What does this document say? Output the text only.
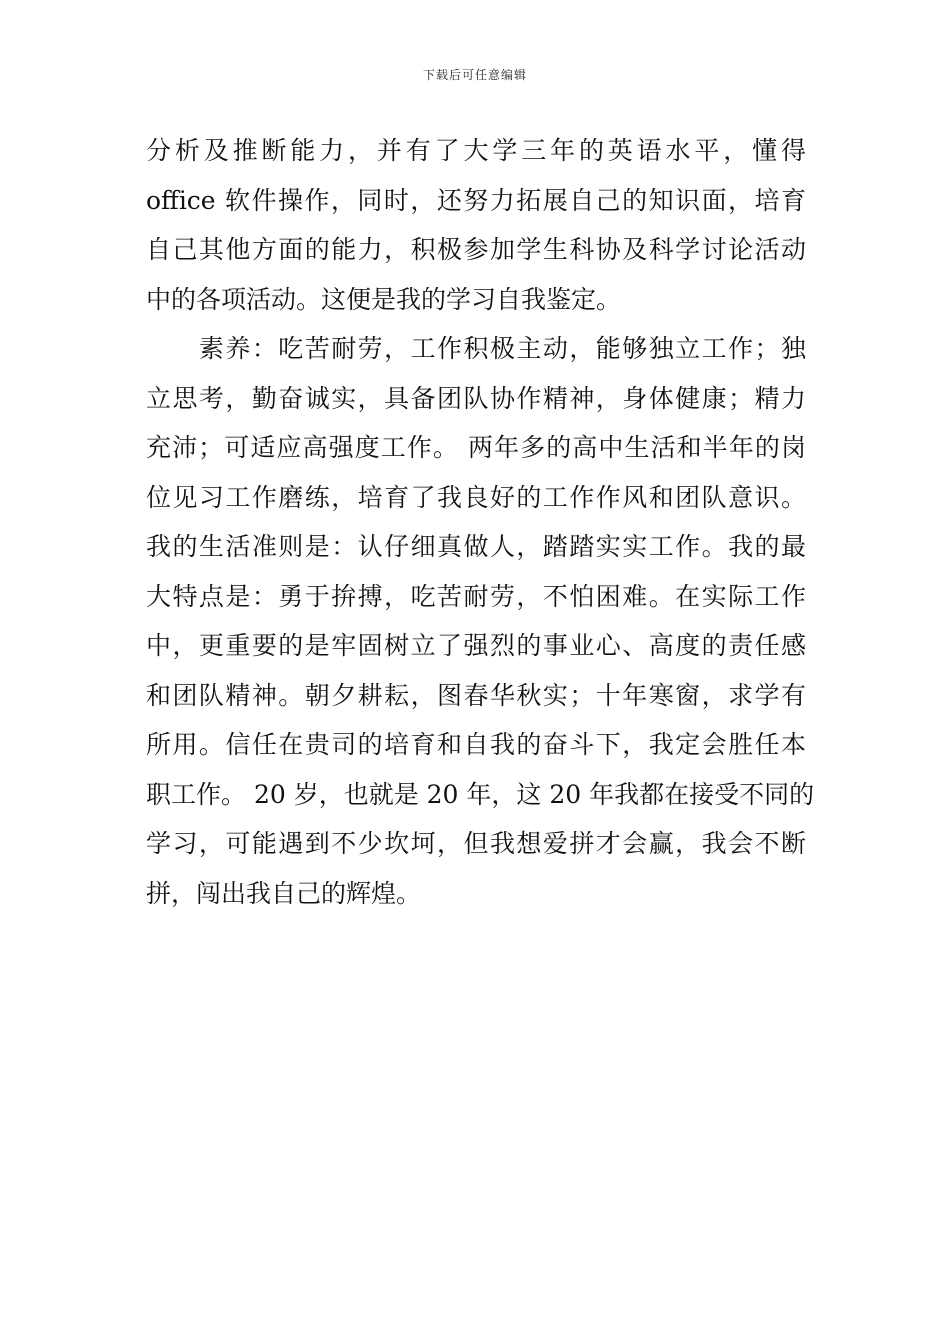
下载后可任意编辑
分析及推断能力，并有了大学三年的英语水平，懂得
office 软件操作，同时，还努力拓展自己的知识面，培育
自己其他方面的能力，积极参加学生科协及科学讨论活动
中的各项活动。这便是我的学习自我鉴定。
　　素养：吃苦耐劳，工作积极主动，能够独立工作；独
立思考，勤奋诚实，具备团队协作精神，身体健康；精力
充沛；可适应高强度工作。 两年多的高中生活和半年的岗
位见习工作磨练，培育了我良好的工作作风和团队意识。
我的生活准则是：认仔细真做人，踏踏实实工作。我的最
大特点是：勇于拚搏，吃苦耐劳，不怕困难。在实际工作
中，更重要的是牢固树立了强烈的事业心、高度的责任感
和团队精神。朝夕耕耘，图春华秋实；十年寒窗，求学有
所用。信任在贵司的培育和自我的奋斗下，我定会胜任本
职工作。 20 岁，也就是 20 年，这 20 年我都在接受不同的
学习，可能遇到不少坎坷，但我想爱拼才会赢，我会不断
拼，闯出我自己的辉煌。
